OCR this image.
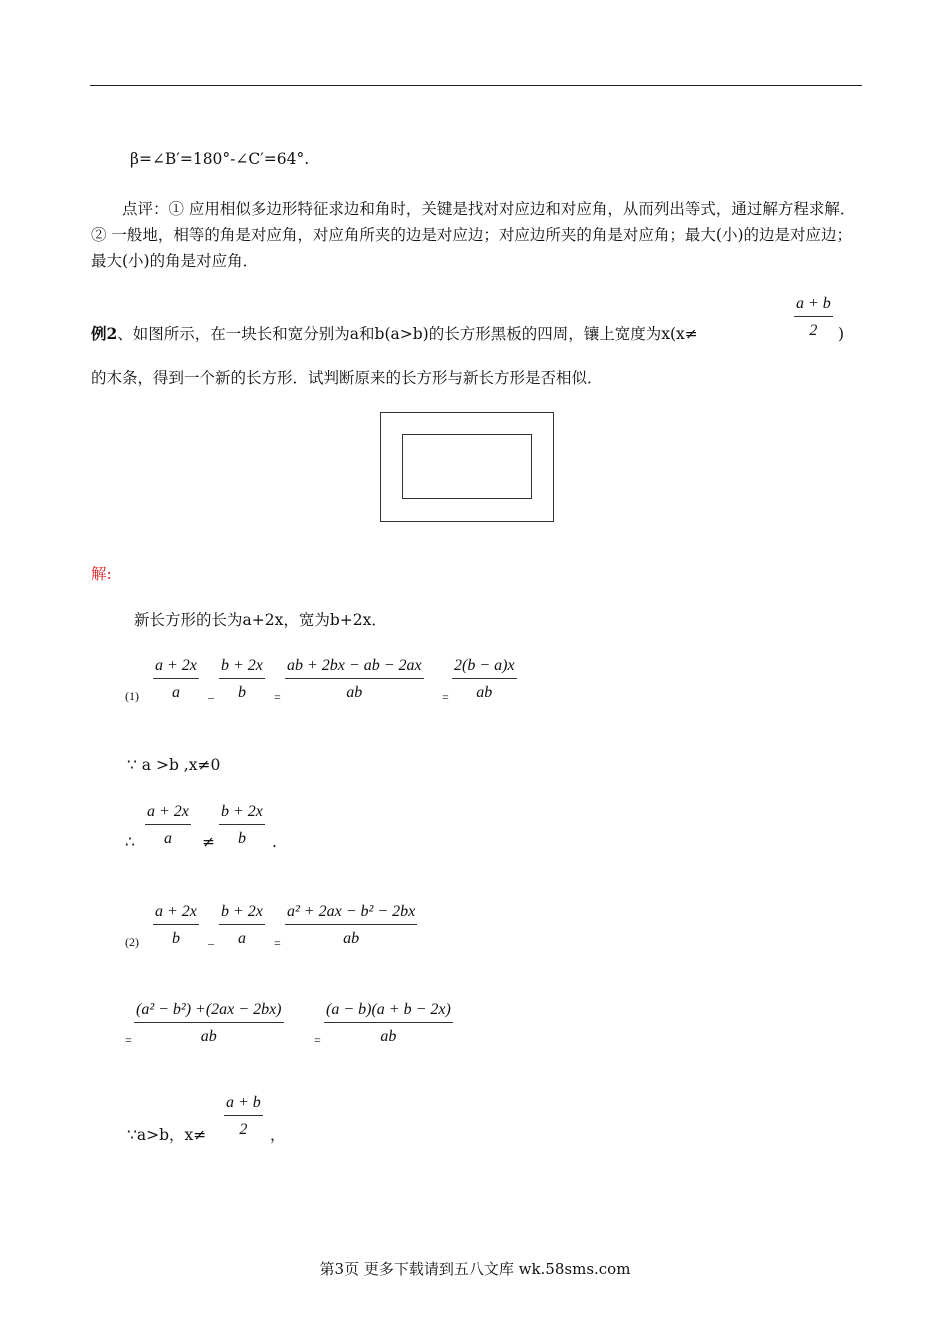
β=∠B′=180°-∠C′=64°.
点评：① 应用相似多边形特征求边和角时，关键是找对对应边和对应角，从而列出等式，通过解方程求解．② 一般地，相等的角是对应角，对应角所夹的边是对应边；对应边所夹的角是对应角；最大(小)的边是对应边；最大(小)的角是对应角．
$\frac{a + b}{2}$
例2、如图所示，在一块长和宽分别为a和b(a>b)的长方形黑板的四周，镶上宽度为x(x≠	)
的木条，得到一个新的长方形．试判断原来的长方形与新长方形是否相似．
解:
新长方形的长为a+2x，宽为b+2x．
$(1) \frac{a + 2x}{a} - \frac{b + 2x}{b} = \frac{ab + 2bx - ab - 2ax}{ab} = \frac{2(b - a)x}{ab}$
∵ a >b ,x≠0
∴ $\frac{a + 2x}{a} \ne \frac{b + 2x}{b}$ .
$(2) \frac{a + 2x}{b} - \frac{b + 2x}{a} = \frac{\text{a² + 2ax − b² − 2bx}}{ab}$
= $\frac{\text{(a² − b²) +(2ax − 2bx)}}{ab}$	= $\frac{(a - b)(a + b - 2x)}{ab}$
∵a>b，$x\ne \frac{a + b}{2}$ ，
第3页 更多下载请到五八文库 wk.58sms.com
